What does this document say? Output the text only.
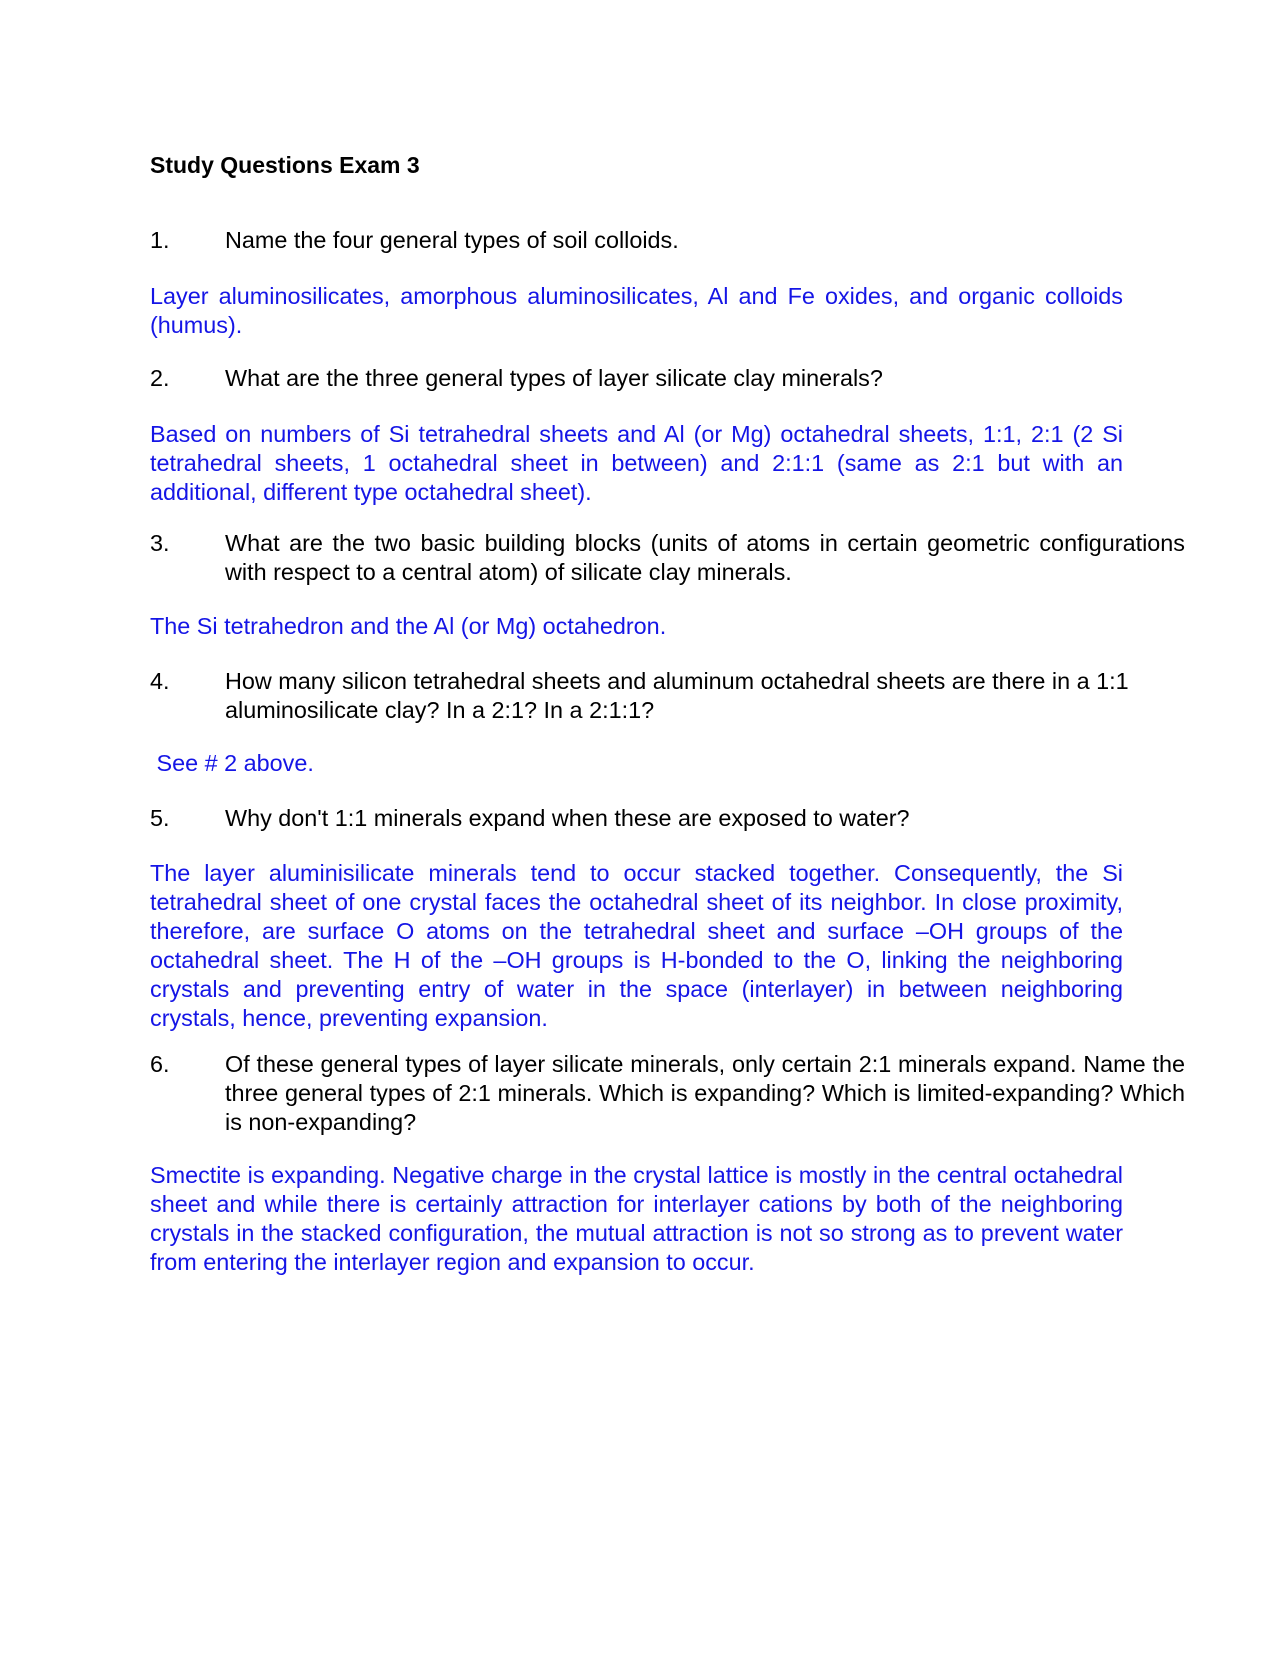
Study Questions Exam 3
1. Name the four general types of soil colloids.
Layer aluminosilicates, amorphous aluminosilicates, Al and Fe oxides, and organic colloids (humus).
2. What are the three general types of layer silicate clay minerals?
Based on numbers of Si tetrahedral sheets and Al (or Mg) octahedral sheets, 1:1, 2:1 (2 Si tetrahedral sheets, 1 octahedral sheet in between) and 2:1:1 (same as 2:1 but with an additional, different type octahedral sheet).
3. What are the two basic building blocks (units of atoms in certain geometric configurations with respect to a central atom) of silicate clay minerals.
The Si tetrahedron and the Al (or Mg) octahedron.
4. How many silicon tetrahedral sheets and aluminum octahedral sheets are there in a 1:1 aluminosilicate clay? In a 2:1? In a 2:1:1?
See # 2 above.
5. Why don't 1:1 minerals expand when these are exposed to water?
The layer aluminisilicate minerals tend to occur stacked together. Consequently, the Si tetrahedral sheet of one crystal faces the octahedral sheet of its neighbor. In close proximity, therefore, are surface O atoms on the tetrahedral sheet and surface –OH groups of the octahedral sheet. The H of the –OH groups is H-bonded to the O, linking the neighboring crystals and preventing entry of water in the space (interlayer) in between neighboring crystals, hence, preventing expansion.
6. Of these general types of layer silicate minerals, only certain 2:1 minerals expand. Name the three general types of 2:1 minerals. Which is expanding? Which is limited-expanding? Which is non-expanding?
Smectite is expanding. Negative charge in the crystal lattice is mostly in the central octahedral sheet and while there is certainly attraction for interlayer cations by both of the neighboring crystals in the stacked configuration, the mutual attraction is not so strong as to prevent water from entering the interlayer region and expansion to occur.
